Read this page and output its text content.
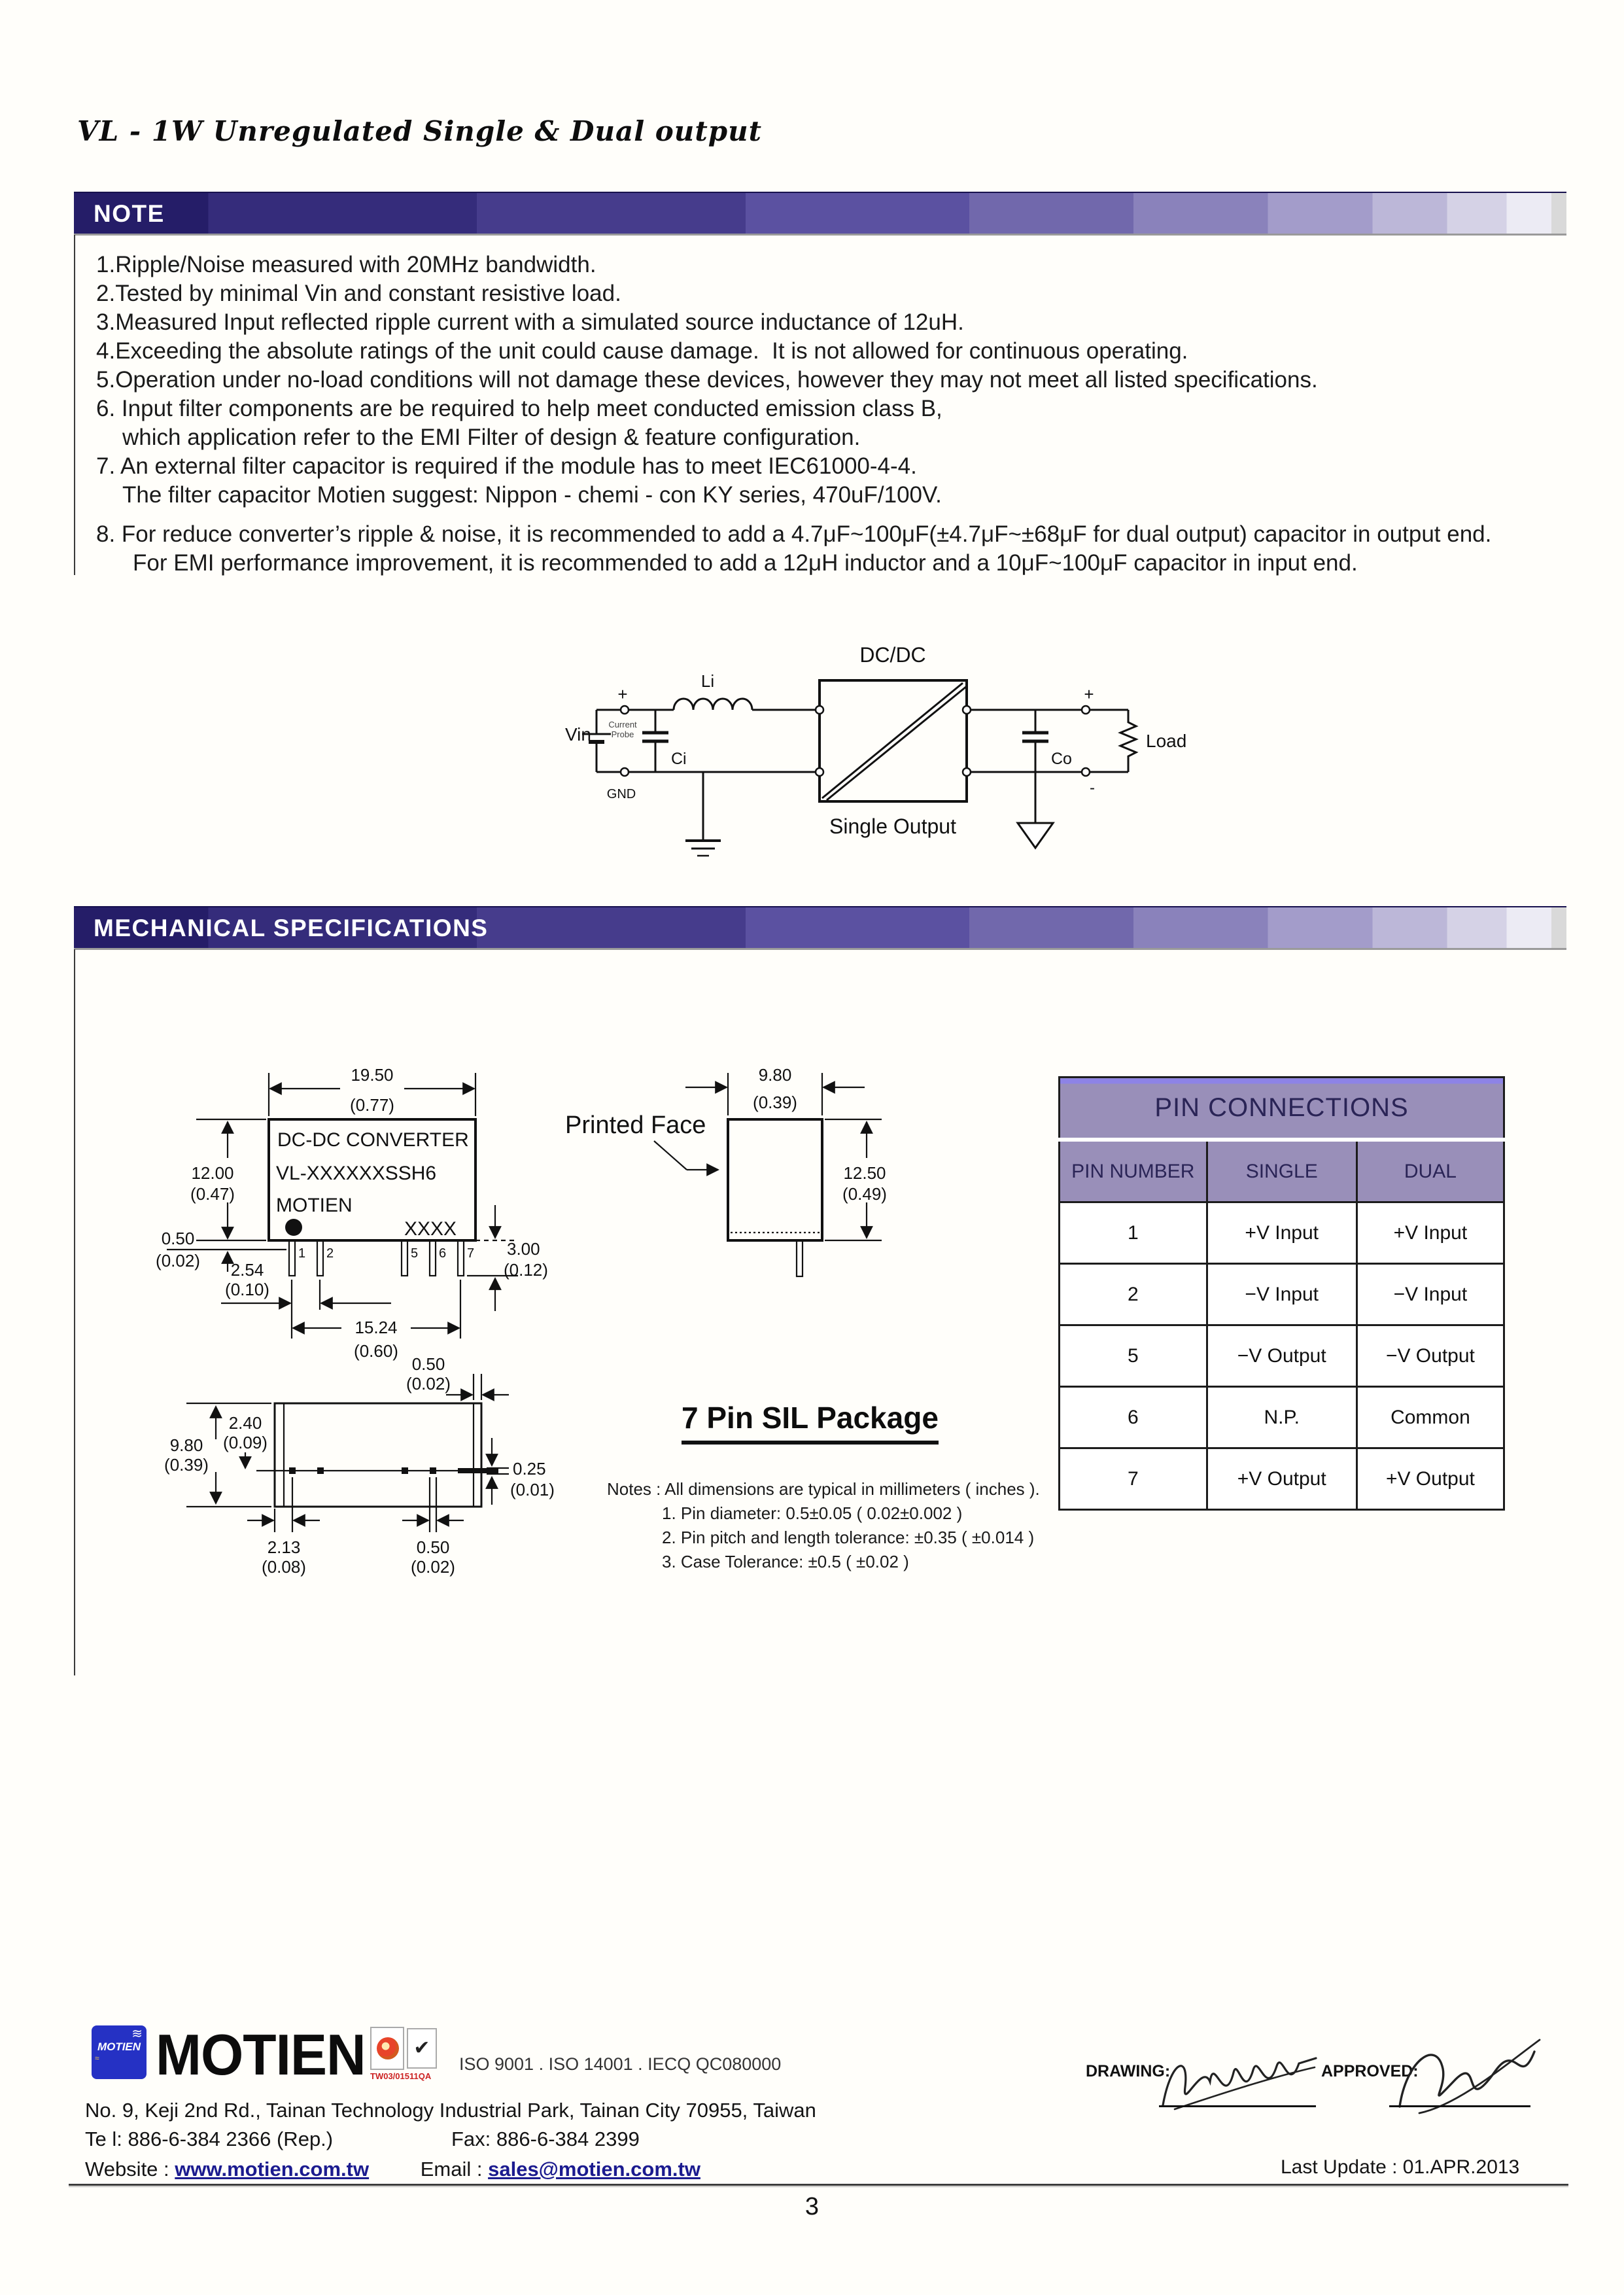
VL - 1W Unregulated Single & Dual output
NOTE
1.Ripple/Noise measured with 20MHz bandwidth.
2.Tested by minimal Vin and constant resistive load.
3.Measured Input reflected ripple current with a simulated source inductance of 12uH.
4.Exceeding the absolute ratings of the unit could cause damage.  It is not allowed for continuous operating.
5.Operation under no-load conditions will not damage these devices, however they may not meet all listed specifications.
6. Input filter components are be required to help meet conducted emission class B,
which application refer to the EMI Filter of design & feature configuration.
7. An external filter capacitor is required if the module has to meet IEC61000-4-4.
The filter capacitor Motien suggest: Nippon - chemi - con KY series, 470uF/100V.
8. For reduce converter’s ripple & noise, it is recommended to add a 4.7μF~100μF(±4.7μF~±68μF for dual output) capacitor in output end.
For EMI performance improvement, it is recommended to add a 12μH inductor and a 10μF~100μF capacitor in input end.
DC/DC
Single Output
Vin
+
Current
Probe
Li
Ci	Co
Load
GND
+
-
MECHANICAL SPECIFICATIONS
DC-DC CONVERTER
VL-XXXXXXSSH6
MOTIEN
XXXX
1 2	5 6 7
19.50
(0.77)
12.00
(0.47)
0.50
(0.02) 2.54
(0.10)
15.24
(0.60)
3.00
(0.12)
Printed Face
9.80
(0.39)
12.50
(0.49)
9.80
(0.39)
2.40
(0.09)
0.50
(0.02)
0.25
(0.01)
2.13
(0.08)
0.50
(0.02)
PIN CONNECTIONS		
PIN NUMBER	SINGLE	DUAL
1	+V Input	+V Input
2	−V Input	−V Input
5	−V Output	−V Output
6	N.P.	Common
7	+V Output	+V Output
7 Pin SIL Package
Notes : All dimensions are typical in millimeters ( inches ).
1. Pin diameter: 0.5±0.05 ( 0.02±0.002 )
2. Pin pitch and length tolerance: ±0.35 ( ±0.014 )
3. Case Tolerance: ±0.5 ( ±0.02 )
≋
MOTIEN
≈	MOTIEN	✔
TW03/01511QA
ISO 9001 . ISO 14001 . IECQ QC080000
No. 9, Keji 2nd Rd., Tainan Technology Industrial Park, Tainan City 70955, Taiwan
Te l: 886-6-384 2366 (Rep.)	Fax: 886-6-384 2399
Website : www.motien.com.tw	Email : sales@motien.com.tw
DRAWING:	APPROVED:
Last Update : 01.APR.2013
3
